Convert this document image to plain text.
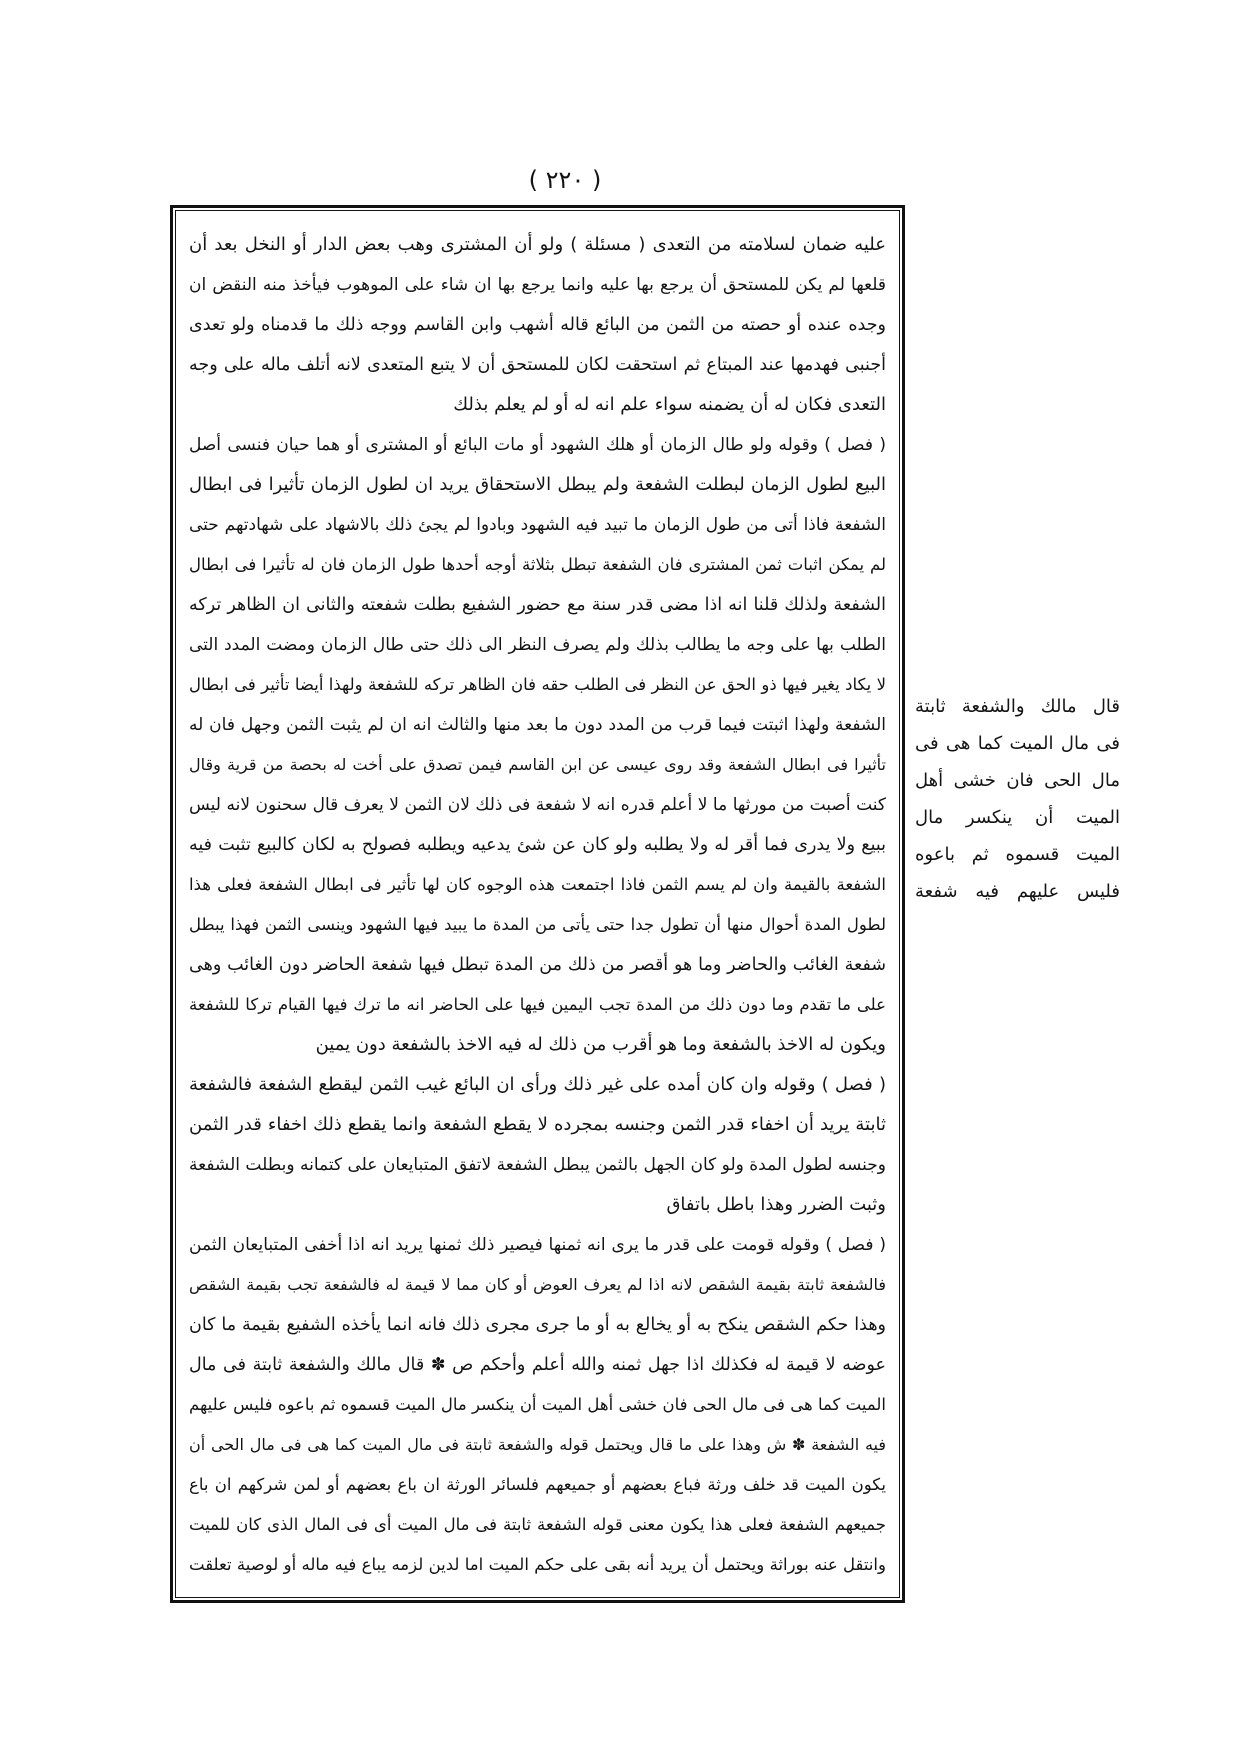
( ٢٢٠ )
عليه ضمان لسلامته من التعدى ( مسئلة ) ولو أن المشترى وهب بعض الدار أو النخل بعد أن
قلعها لم يكن للمستحق أن يرجع بها عليه وانما يرجع بها ان شاء على الموهوب فيأخذ منه النقض ان
وجده عنده أو حصته من الثمن من البائع قاله أشهب وابن القاسم ووجه ذلك ما قدمناه ولو تعدى
أجنبى فهدمها عند المبتاع ثم استحقت لكان للمستحق أن لا يتبع المتعدى لانه أتلف ماله على وجه
التعدى فكان له أن يضمنه سواء علم انه له أو لم يعلم بذلك
( فصل ) وقوله ولو طال الزمان أو هلك الشهود أو مات البائع أو المشترى أو هما حيان فنسى أصل
البيع لطول الزمان لبطلت الشفعة ولم يبطل الاستحقاق يريد ان لطول الزمان تأثيرا فى ابطال
الشفعة فاذا أتى من طول الزمان ما تبيد فيه الشهود وبادوا لم يجئ ذلك بالاشهاد على شهادتهم حتى
لم يمكن اثبات ثمن المشترى فان الشفعة تبطل بثلاثة أوجه أحدها طول الزمان فان له تأثيرا فى ابطال
الشفعة ولذلك قلنا انه اذا مضى قدر سنة مع حضور الشفيع بطلت شفعته والثانى ان الظاهر تركه
الطلب بها على وجه ما يطالب بذلك ولم يصرف النظر الى ذلك حتى طال الزمان ومضت المدد التى
لا يكاد يغير فيها ذو الحق عن النظر فى الطلب حقه فان الظاهر تركه للشفعة ولهذا أيضا تأثير فى ابطال
الشفعة ولهذا اثبتت فيما قرب من المدد دون ما بعد منها والثالث انه ان لم يثبت الثمن وجهل فان له
تأثيرا فى ابطال الشفعة وقد روى عيسى عن ابن القاسم فيمن تصدق على أخت له بحصة من قرية وقال
كنت أصبت من مورثها ما لا أعلم قدره انه لا شفعة فى ذلك لان الثمن لا يعرف قال سحنون لانه ليس
ببيع ولا يدرى فما أقر له ولا يطلبه ولو كان عن شئ يدعيه ويطلبه فصولح به لكان كالبيع تثبت فيه
الشفعة بالقيمة وان لم يسم الثمن فاذا اجتمعت هذه الوجوه كان لها تأثير فى ابطال الشفعة فعلى هذا
لطول المدة أحوال منها أن تطول جدا حتى يأتى من المدة ما يبيد فيها الشهود وينسى الثمن فهذا يبطل
شفعة الغائب والحاضر وما هو أقصر من ذلك من المدة تبطل فيها شفعة الحاضر دون الغائب وهى
على ما تقدم وما دون ذلك من المدة تجب اليمين فيها على الحاضر انه ما ترك فيها القيام تركا للشفعة
ويكون له الاخذ بالشفعة وما هو أقرب من ذلك له فيه الاخذ بالشفعة دون يمين
( فصل ) وقوله وان كان أمده على غير ذلك ورأى ان البائع غيب الثمن ليقطع الشفعة فالشفعة
ثابتة يريد أن اخفاء قدر الثمن وجنسه بمجرده لا يقطع الشفعة وانما يقطع ذلك اخفاء قدر الثمن
وجنسه لطول المدة ولو كان الجهل بالثمن يبطل الشفعة لاتفق المتبايعان على كتمانه وبطلت الشفعة
وثبت الضرر وهذا باطل باتفاق
( فصل ) وقوله قومت على قدر ما يرى انه ثمنها فيصير ذلك ثمنها يريد انه اذا أخفى المتبايعان الثمن
فالشفعة ثابتة بقيمة الشقص لانه اذا لم يعرف العوض أو كان مما لا قيمة له فالشفعة تجب بقيمة الشقص
وهذا حكم الشقص ينكح به أو يخالع به أو ما جرى مجرى ذلك فانه انما يأخذه الشفيع بقيمة ما كان
عوضه لا قيمة له فكذلك اذا جهل ثمنه والله أعلم وأحكم ص ✽ قال مالك والشفعة ثابتة فى مال
الميت كما هى فى مال الحى فان خشى أهل الميت أن ينكسر مال الميت قسموه ثم باعوه فليس عليهم
فيه الشفعة ✽ ش وهذا على ما قال ويحتمل قوله والشفعة ثابتة فى مال الميت كما هى فى مال الحى أن
يكون الميت قد خلف ورثة فباع بعضهم أو جميعهم فلسائر الورثة ان باع بعضهم أو لمن شركهم ان باع
جميعهم الشفعة فعلى هذا يكون معنى قوله الشفعة ثابتة فى مال الميت أى فى المال الذى كان للميت
وانتقل عنه بوراثة ويحتمل أن يريد أنه بقى على حكم الميت اما لدين لزمه يباع فيه ماله أو لوصية تعلقت
قال مالك والشفعة ثابتة
فى مال الميت كما هى فى
مال الحى فان خشى أهل
الميت أن ينكسر مال
الميت قسموه ثم باعوه
فليس عليهم فيه شفعة
